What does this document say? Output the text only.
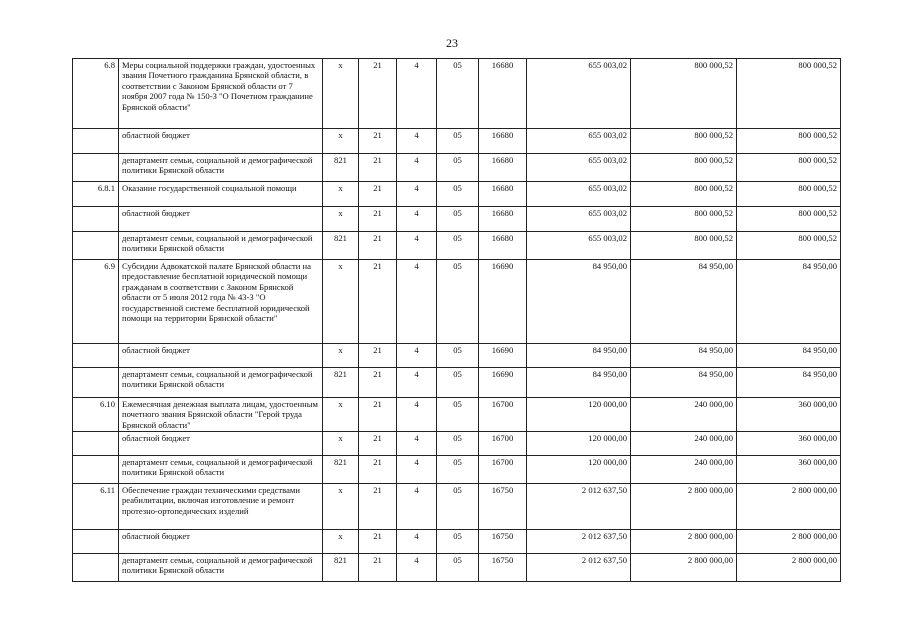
23
6.8	Меры социальной поддержки граждан, удостоенных звания Почетного гражданина Брянской области, в соответствии с Законом Брянской области от 7 ноября 2007 года № 150-З "О Почетном гражданине Брянской области"	х	21	4	05	16680	655 003,02	800 000,52	800 000,52
	областной бюджет	х	21	4	05	16680	655 003,02	800 000,52	800 000,52
	департамент семьи, социальной и демографической политики Брянской области	821	21	4	05	16680	655 003,02	800 000,52	800 000,52
6.8.1	Оказание государственной социальной помощи	х	21	4	05	16680	655 003,02	800 000,52	800 000,52
	областной бюджет	х	21	4	05	16680	655 003,02	800 000,52	800 000,52
	департамент семьи, социальной и демографической политики Брянской области	821	21	4	05	16680	655 003,02	800 000,52	800 000,52
6.9	Субсидии Адвокатской палате Брянской области на предоставление бесплатной юридической помощи гражданам в соответствии с Законом Брянской области от 5 июля 2012 года № 43-З "О государственной системе бесплатной юридической помощи на территории Брянской области"	х	21	4	05	16690	84 950,00	84 950,00	84 950,00
	областной бюджет	х	21	4	05	16690	84 950,00	84 950,00	84 950,00
	департамент семьи, социальной и демографической политики Брянской области	821	21	4	05	16690	84 950,00	84 950,00	84 950,00
6.10	Ежемесячная денежная выплата лицам, удостоенным почетного звания Брянской области "Герой труда Брянской области"	х	21	4	05	16700	120 000,00	240 000,00	360 000,00
	областной бюджет	х	21	4	05	16700	120 000,00	240 000,00	360 000,00
	департамент семьи, социальной и демографической политики Брянской области	821	21	4	05	16700	120 000,00	240 000,00	360 000,00
6.11	Обеспечение граждан техническими средствами реабилитации, включая изготовление и ремонт протезно-ортопедических изделий	х	21	4	05	16750	2 012 637,50	2 800 000,00	2 800 000,00
	областной бюджет	х	21	4	05	16750	2 012 637,50	2 800 000,00	2 800 000,00
	департамент семьи, социальной и демографической политики Брянской области	821	21	4	05	16750	2 012 637,50	2 800 000,00	2 800 000,00
